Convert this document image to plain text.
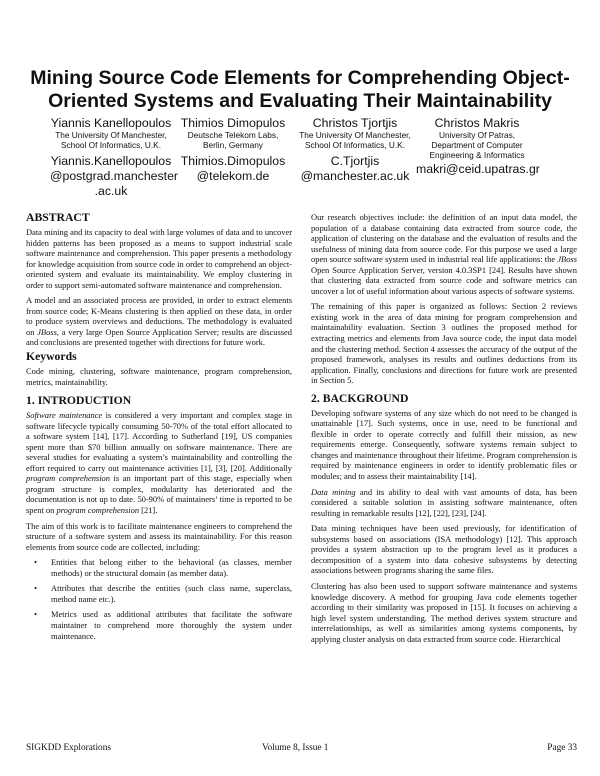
Mining Source Code Elements for Comprehending Object-
Oriented Systems and Evaluating Their Maintainability
Yiannis Kanellopoulos
The University Of Manchester,
School Of Informatics, U.K.
Yiannis.Kanellopoulos
@postgrad.manchester
.ac.uk
Thimios Dimopulos
Deutsche Telekom Labs,
Berlin, Germany
Thimios.Dimopulos
@telekom.de
Christos Tjortjis
The University Of Manchester,
School Of Informatics, U.K.
C.Tjortjis
@manchester.ac.uk
Christos Makris
University Of Patras,
Department of Computer
Engineering & Informatics
makri@ceid.upatras.gr
ABSTRACT

Data mining and its capacity to deal with large volumes of data and to uncover hidden patterns has been proposed as a means to support industrial scale software maintenance and comprehension. This paper presents a methodology for knowledge acquisition from source code in order to comprehend an object-oriented system and evaluate its maintainability. We employ clustering in order to support semi-automated software maintenance and comprehension.

A model and an associated process are provided, in order to extract elements from source code; K-Means clustering is then applied on these data, in order to produce system overviews and deductions. The methodology is evaluated on JBoss, a very large Open Source Application Server; results are discussed and conclusions are presented together with directions for future work.

Keywords

Code mining, clustering, software maintenance, program comprehension, metrics, maintainability.

1. INTRODUCTION

Software maintenance is considered a very important and complex stage in software lifecycle typically consuming 50-70% of the total effort allocated to a software system [14], [17]. According to Sutherland [19], US companies spent more than $70 billion annually on software maintenance. There are several studies for evaluating a system’s maintainability and controlling the effort required to carry out maintenance activities [1], [3], [20]. Additionally program comprehension is an important part of this stage, especially when program structure is complex, modularity has deteriorated and the documentation is not up to date. 50-90% of maintainers’ time is reported to be spent on program comprehension [21].

The aim of this work is to facilitate maintenance engineers to comprehend the structure of a software system and assess its maintainability. For this reason elements from source code are collected, including:

• Entities that belong either to the behavioral (as classes, member methods) or the structural domain (as member data).
• Attributes that describe the entities (such class name, superclass, method name etc.).
• Metrics used as additional attributes that facilitate the software maintainer to comprehend more thoroughly the system under maintenance.

Our research objectives include: the definition of an input data model, the population of a database containing data extracted from source code, the application of clustering on the database and the evaluation of results and the usefulness of mining data from source code. For this purpose we used a large open source software system used in industrial real life applications: the JBoss Open Source Application Server, version 4.0.3SP1 [24]. Results have shown that clustering data extracted from source code and software metrics can uncover a lot of useful information about various aspects of software systems.

The remaining of this paper is organized as follows: Section 2 reviews existing work in the area of data mining for program comprehension and maintainability evaluation. Section 3 outlines the proposed method for extracting metrics and elements from Java source code, the input data model and the clustering method. Section 4 assesses the accuracy of the output of the proposed framework, analyses its results and outlines deductions from its application. Finally, conclusions and directions for future work are presented in Section 5.

2. BACKGROUND

Developing software systems of any size which do not need to be changed is unattainable [17]. Such systems, once in use, need to be functional and flexible in order to operate correctly and fulfill their mission, as new requirements emerge. Consequently, software systems remain subject to changes and maintenance throughout their lifetime. Program comprehension is required by maintenance engineers in order to identify problematic files or modules; and to assess their maintainability [14].

Data mining and its ability to deal with vast amounts of data, has been considered a suitable solution in assisting software maintenance, often resulting in remarkable results [12], [22], [23], [24].

Data mining techniques have been used previously, for identification of subsystems based on associations (ISA methodology) [12]. This approach provides a system abstraction up to the program level as it produces a decomposition of a system into data cohesive subsystems by detecting associations between programs sharing the same files.

Clustering has also been used to support software maintenance and systems knowledge discovery. A method for grouping Java code elements together according to their similarity was proposed in [15]. It focuses on achieving a high level system understanding. The method derives system structure and interrelationships, as well as similarities among systems components, by applying cluster analysis on data extracted from source code. Hierarchical

SIGKDD Explorations	Volume 8, Issue 1	Page 33
